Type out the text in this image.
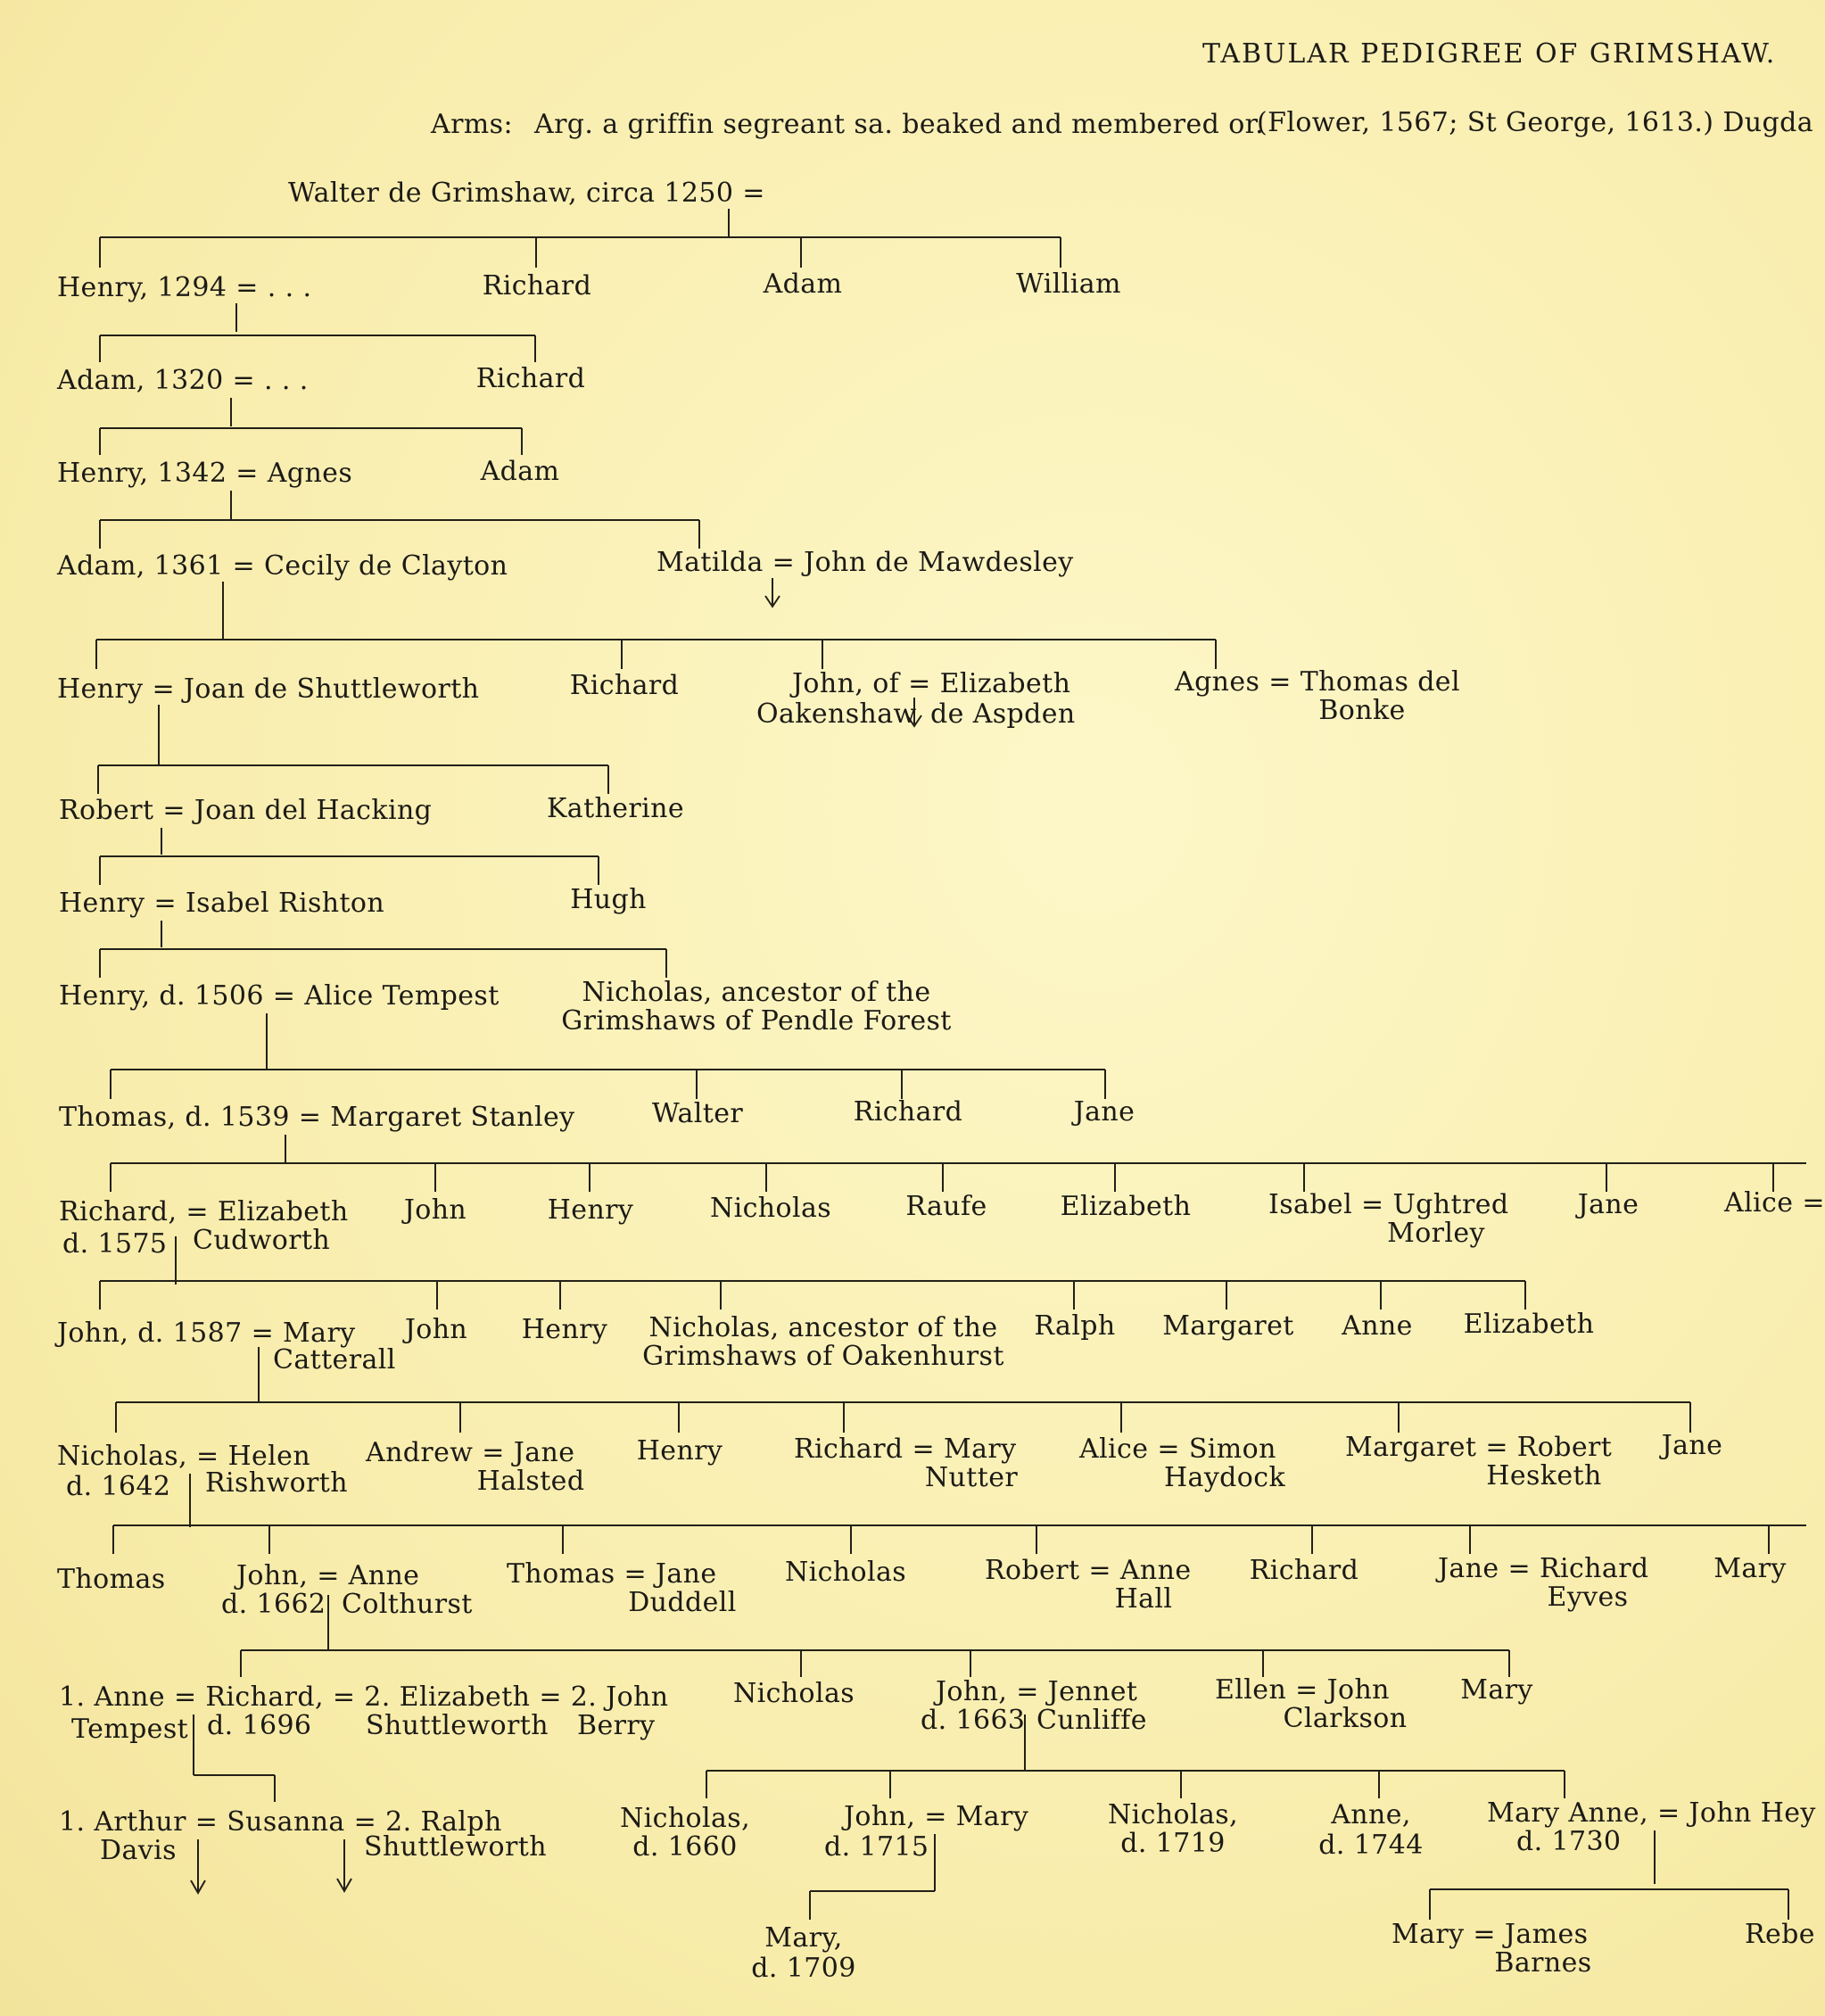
TABULAR PEDIGREE OF GRIMSHAW.
Arms: Arg. a griffin segreant sa. beaked and membered or.
(Flower, 1567; St George, 1613.) Dugda
Walter de Grimshaw, circa 1250 =
Henry, 1294 = . . .	Richard	Adam	William
Adam, 1320 = . . .	Richard
Henry, 1342 = Agnes	Adam
Adam, 1361 = Cecily de Clayton	Matilda = John de Mawdesley
Henry = Joan de Shuttleworth	Richard	John, of = Elizabeth
Oakenshaw de Aspden
Agnes = Thomas del
Bonke
Robert = Joan del Hacking	Katherine
Henry = Isabel Rishton	Hugh
Henry, d. 1506 = Alice Tempest	Nicholas, ancestor of the
Grimshaws of Pendle Forest
Thomas, d. 1539 = Margaret Stanley	Walter	Richard	Jane
Richard, = Elizabeth
d. 1575 Cudworth
John	Henry	Nicholas	Raufe	Elizabeth	Isabel = Ughtred
Morley
Jane	Alice =
John, d. 1587 = Mary
Catterall
John Henry Nicholas, ancestor of the
Grimshaws of Oakenhurst
Ralph Margaret Anne Elizabeth
Nicholas, = Helen
d. 1642 Rishworth
Andrew = Jane
Halsted
Henry	Richard = Mary
Nutter
Alice = Simon
Haydock
Margaret = Robert
Hesketh
Jane
Thomas	John, = Anne
d. 1662 Colthurst
Thomas = Jane
Duddell
Nicholas	Robert = Anne
Hall
Richard	Jane = Richard
Eyves
Mary
1. Anne = Richard, = 2. Elizabeth = 2. John
Tempest d. 1696 Shuttleworth Berry
Nicholas	John, = Jennet
d. 1663 Cunliffe
Ellen = John
Clarkson
Mary
1. Arthur = Susanna = 2. Ralph
Davis	Shuttleworth
Nicholas,
d. 1660
John, = Mary
d. 1715
Nicholas,
d. 1719
Anne,
d. 1744
Mary Anne, = John Hey
d. 1730
Mary,
d. 1709
Mary = James
Barnes
Rebe
